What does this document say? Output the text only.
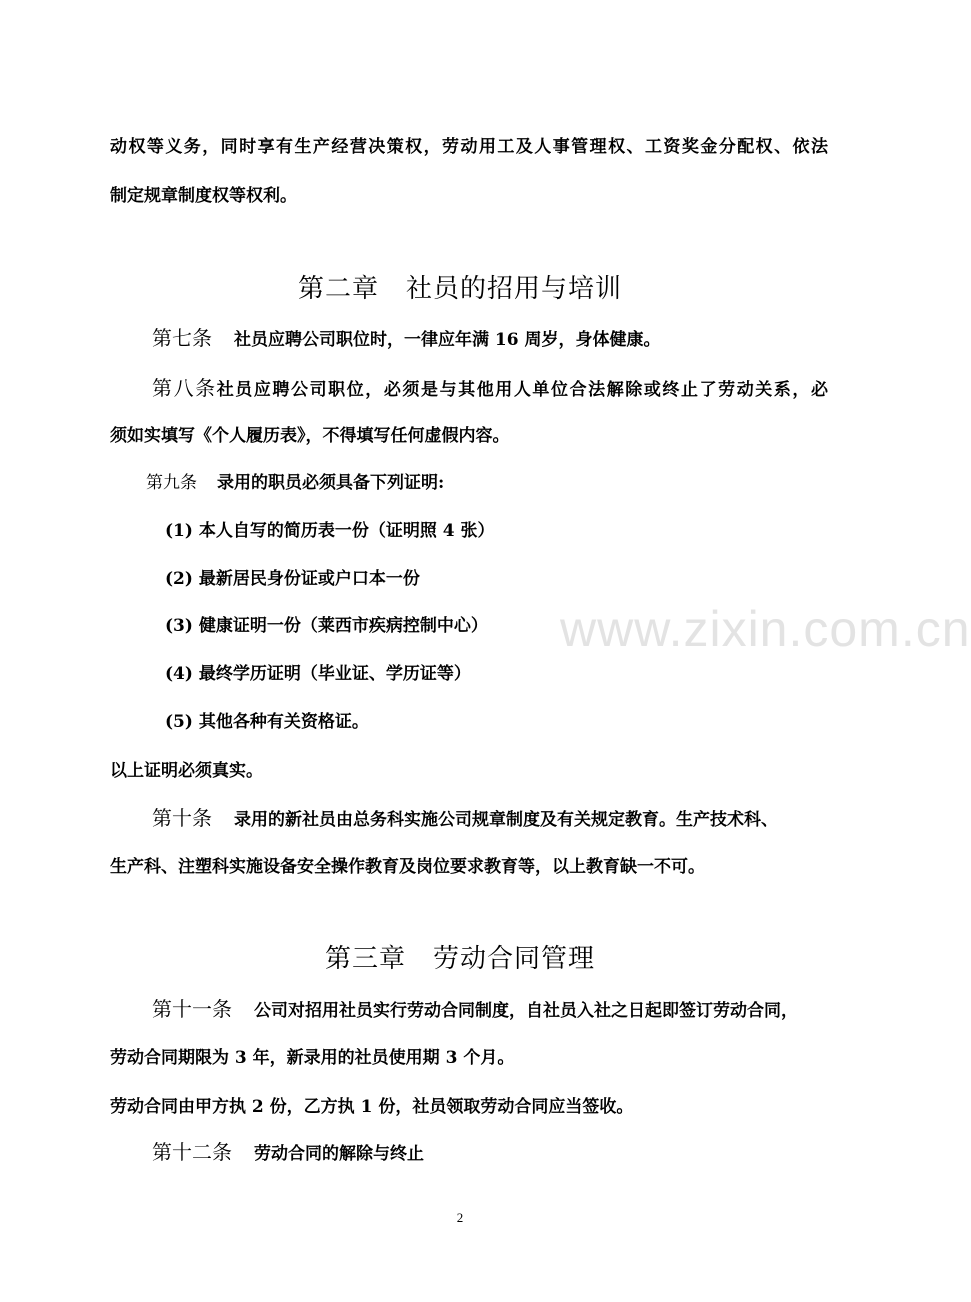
动权等义务，同时享有生产经营决策权，劳动用工及人事管理权、工资奖金分配权、依法
制定规章制度权等权利。
第二章　社员的招用与培训
第七条 社员应聘公司职位时，一律应年满 16 周岁，身体健康。
第八条社员应聘公司职位，必须是与其他用人单位合法解除或终止了劳动关系，必
须如实填写《个人履历表》，不得填写任何虚假内容。
第九条 录用的职员必须具备下列证明:
(1) 本人自写的简历表一份（证明照 4 张）
(2) 最新居民身份证或户口本一份
(3) 健康证明一份（莱西市疾病控制中心）
(4) 最终学历证明（毕业证、学历证等）
(5) 其他各种有关资格证。
以上证明必须真实。
第十条 录用的新社员由总务科实施公司规章制度及有关规定教育。生产技术科、
生产科、注塑科实施设备安全操作教育及岗位要求教育等，以上教育缺一不可。
第三章　劳动合同管理
第十一条 公司对招用社员实行劳动合同制度，自社员入社之日起即签订劳动合同，
劳动合同期限为 3 年，新录用的社员使用期 3 个月。
劳动合同由甲方执 2 份，乙方执 1 份，社员领取劳动合同应当签收。
第十二条 劳动合同的解除与终止
www.zixin.com.cn
2
